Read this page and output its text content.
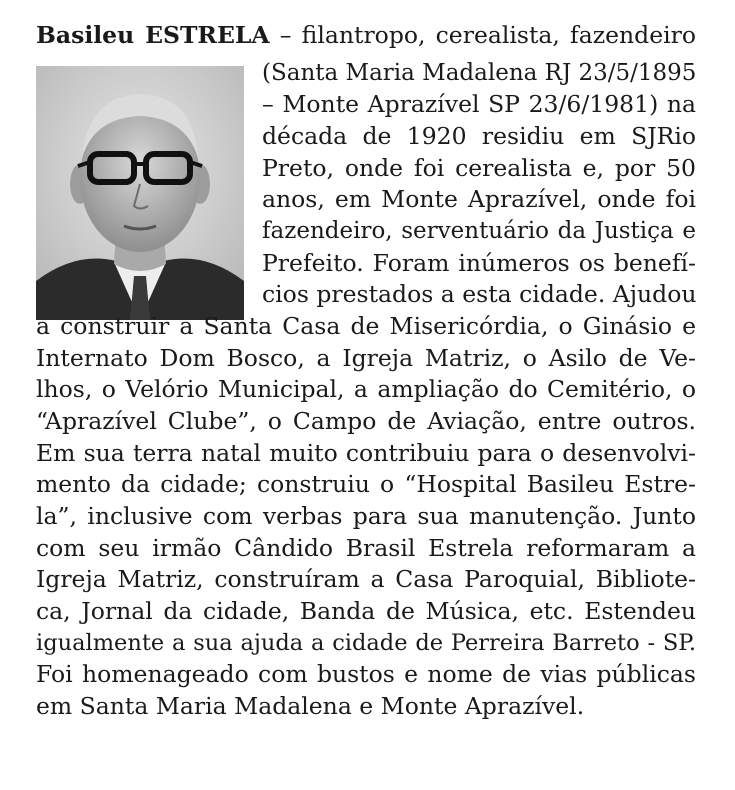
Basileu ESTRELA – filantropo, cerealista, fazendeiro
(Santa Maria Madalena RJ 23/5/1895
– Monte Aprazível SP 23/6/1981) na
década de 1920 residiu em SJRio
Preto, onde foi cerealista e, por 50
anos, em Monte Aprazível, onde foi
fazendeiro, serventuário da Justiça e
Prefeito. Foram inúmeros os benefí-
cios prestados a esta cidade. Ajudou
a construir a Santa Casa de Misericórdia, o Ginásio e
Internato Dom Bosco, a Igreja Matriz, o Asilo de Ve-
lhos, o Velório Municipal, a ampliação do Cemitério, o
“Aprazível Clube”, o Campo de Aviação, entre outros.
Em sua terra natal muito contribuiu para o desenvolvi-
mento da cidade; construiu o “Hospital Basileu Estre-
la”, inclusive com verbas para sua manutenção. Junto
com seu irmão Cândido Brasil Estrela reformaram a
Igreja Matriz, construíram a Casa Paroquial, Bibliote-
ca, Jornal da cidade, Banda de Música, etc. Estendeu
igualmente a sua ajuda a cidade de Perreira Barreto - SP.
Foi homenageado com bustos e nome de vias públicas
em Santa Maria Madalena e Monte Aprazível.
